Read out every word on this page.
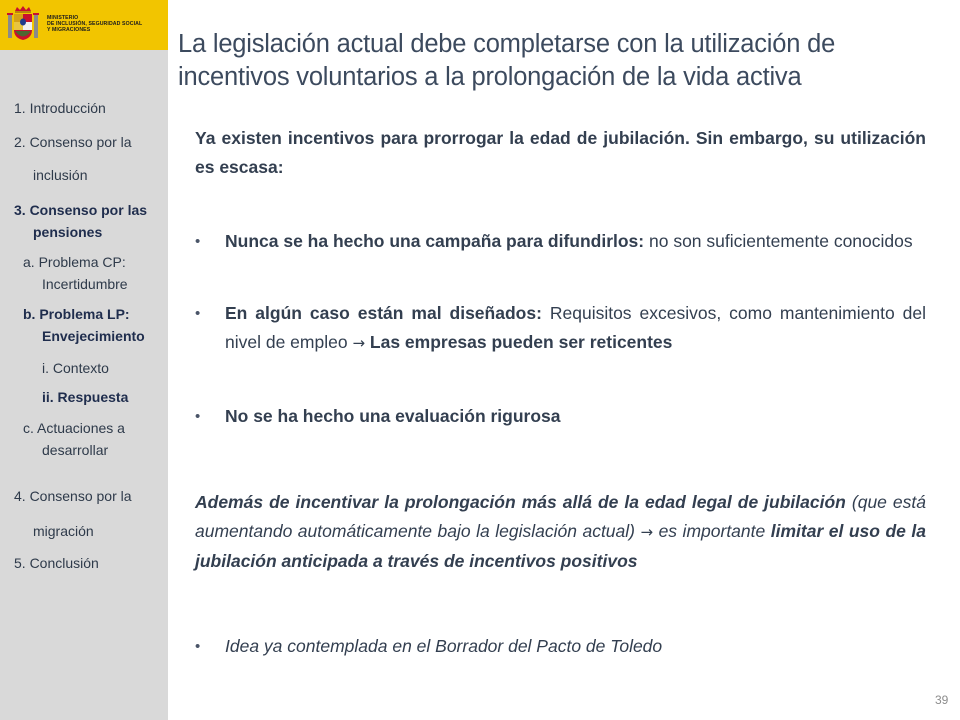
MINISTERIO
DE INCLUSIÓN, SEGURIDAD SOCIAL
Y MIGRACIONES
1. Introducción
2. Consenso por la
inclusión
3. Consenso por las
pensiones
a. Problema CP:
Incertidumbre
b. Problema LP:
Envejecimiento
i. Contexto
ii. Respuesta
c. Actuaciones a
desarrollar
4. Consenso por la
migración
5. Conclusión
La legislación actual debe completarse con la utilización de
incentivos voluntarios a la prolongación de la vida activa
Ya existen incentivos para prorrogar la edad de jubilación. Sin embargo, su utilización es escasa:
•	Nunca se ha hecho una campaña para difundirlos: no son suficientemente conocidos
•	En algún caso están mal diseñados: Requisitos excesivos, como mantenimiento del nivel de empleo → Las empresas pueden ser reticentes
•	No se ha hecho una evaluación rigurosa
Además de incentivar la prolongación más allá de la edad legal de jubilación (que está aumentando automáticamente bajo la legislación actual) → es importante limitar el uso de la jubilación anticipada a través de incentivos positivos
•	Idea ya contemplada en el Borrador del Pacto de Toledo
39
